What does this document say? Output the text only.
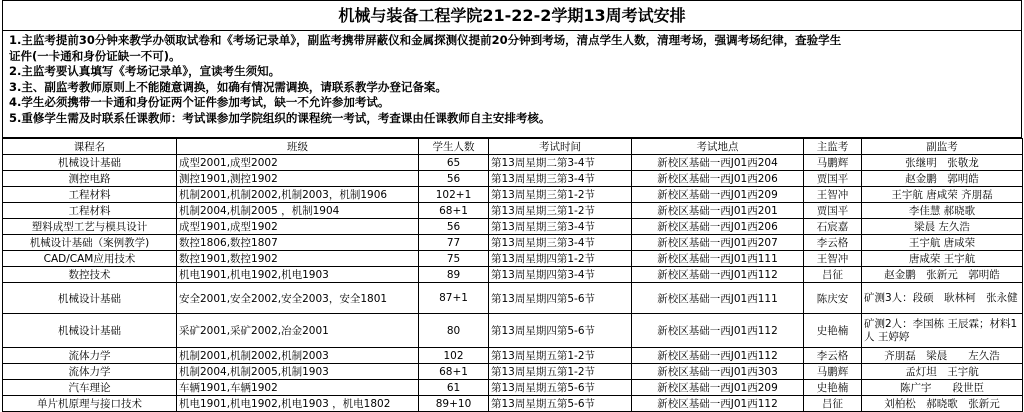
机械与装备工程学院21-22-2学期13周考试安排
1.主监考提前30分钟来教学办领取试卷和《考场记录单》，副监考携带屏蔽仪和金属探测仪提前20分钟到考场，清点学生人数，清理考场，强调考场纪律，查验学生
证件(一卡通和身份证缺一不可)。
2.主监考要认真填写《考场记录单》，宣读考生须知。
3.主、副监考教师原则上不能随意调换，如确有情况需调换，请联系教学办登记备案。
4.学生必须携带一卡通和身份证两个证件参加考试，缺一不允许参加考试。
5.重修学生需及时联系任课教师：考试课参加学院组织的课程统一考试，考查课由任课教师自主安排考核。
课程名	班级	学生人数	考试时间	考试地点	主监考	副监考
机械设计基础	成型2001,成型2002	65	第13周星期二第3-4节	新校区基础一西J01西204	马鹏辉	张继明　张敬龙
测控电路	测控1901,测控1902	56	第13周星期三第3-4节	新校区基础一西J01西206	贾国平	赵金鹏　郭明皓
工程材料	机制2001,机制2002,机制2003，机制1906	102+1	第13周星期三第1-2节	新校区基础一西J01西209	王智冲	王宇航 唐咸荣 齐朋磊
工程材料	机制2004,机制2005 ，机制1904	68+1	第13周星期三第1-2节	新校区基础一西J01西201	贾国平	李佳慧 郝晓歌
塑料成型工艺与模具设计	成型1901,成型1902	56	第13周星期三第3-4节	新校区基础一西J01西206	石宸嘉	梁晨 左久浩
机械设计基础（案例教学)	数控1806,数控1807	77	第13周星期三第3-4节	新校区基础一西J01西207	李云格	王宇航 唐咸荣
CAD/CAM应用技术	数控1901,数控1902	75	第13周星期四第1-2节	新校区基础一西J01西111	王智冲	唐咸荣 王宇航
数控技术	机电1901,机电1902,机电1903	89	第13周星期四第3-4节	新校区基础一西J01西112	吕征	赵金鹏　张新元　郭明皓
机械设计基础	安全2001,安全2002,安全2003，安全1801	87+1	第13周星期四第5-6节	新校区基础一西J01西111	陈庆安	矿测3人：段硕　耿林柯　张永健
机械设计基础	采矿2001,采矿2002,冶金2001	80	第13周星期四第5-6节	新校区基础一西J01西112	史艳楠	矿测2人：李国栋 王辰霖；材料1人 王婷婷
流体力学	机制2001,机制2002,机制2003	102	第13周星期五第1-2节	新校区基础一西J01西112	李云格	齐朋磊　梁晨　　左久浩
流体力学	机制2004,机制2005,机制1903	68+1	第13周星期五第1-2节	新校区基础一西J01西303	马鹏辉	孟灯坦　王宇航
汽车理论	车辆1901,车辆1902	61	第13周星期五第5-6节	新校区基础一西J01西209	史艳楠	陈广宇　　段世臣
单片机原理与接口技术	机电1901,机电1902,机电1903 ，机电1802	89+10	第13周星期五第5-6节	新校区基础一西J01西112	吕征	刘柏松　郝晓歌　张新元
